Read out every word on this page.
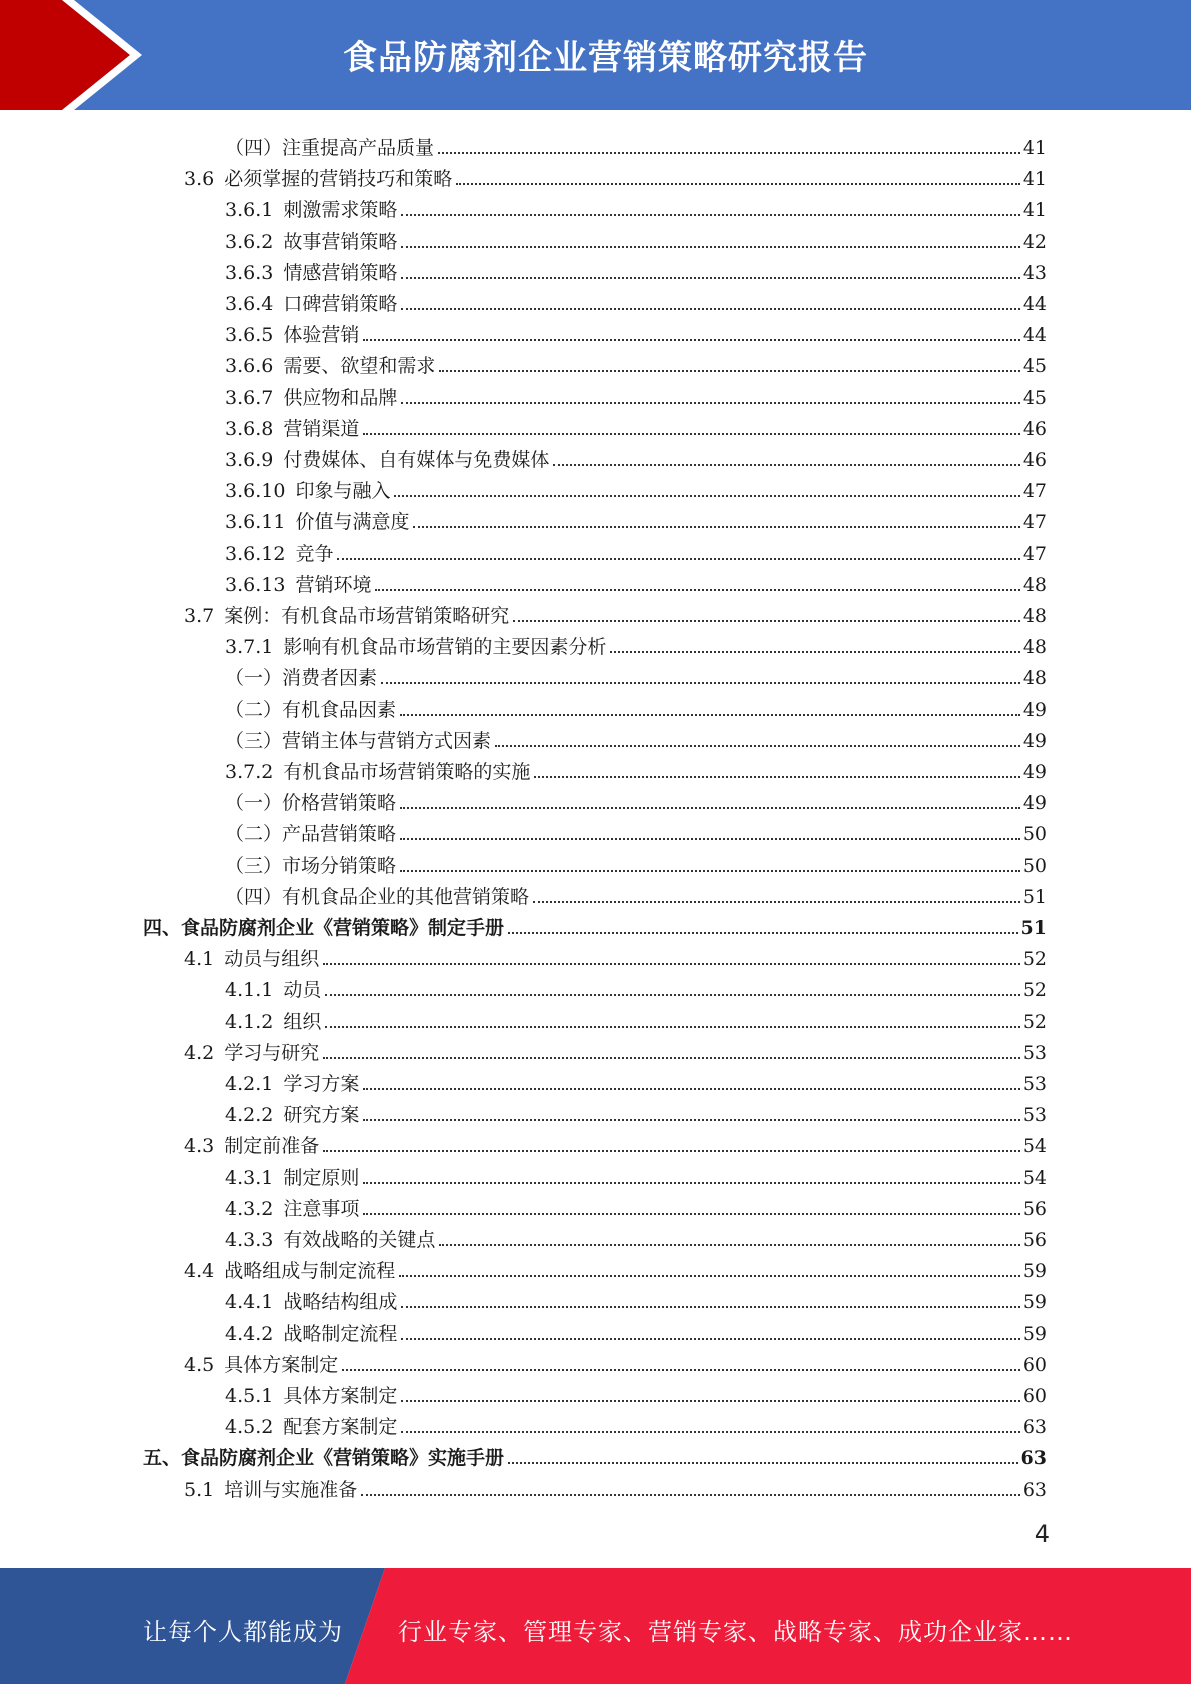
食品防腐剂企业营销策略研究报告
（四）注重提高产品质量	41
3.6 必须掌握的营销技巧和策略	41
3.6.1 刺激需求策略	41
3.6.2 故事营销策略	42
3.6.3 情感营销策略	43
3.6.4 口碑营销策略	44
3.6.5 体验营销	44
3.6.6 需要、欲望和需求	45
3.6.7 供应物和品牌	45
3.6.8 营销渠道	46
3.6.9 付费媒体、自有媒体与免费媒体	46
3.6.10 印象与融入	47
3.6.11 价值与满意度	47
3.6.12 竞争	47
3.6.13 营销环境	48
3.7 案例：有机食品市场营销策略研究	48
3.7.1 影响有机食品市场营销的主要因素分析	48
（一）消费者因素	48
（二）有机食品因素	49
（三）营销主体与营销方式因素	49
3.7.2 有机食品市场营销策略的实施	49
（一）价格营销策略	49
（二）产品营销策略	50
（三）市场分销策略	50
（四）有机食品企业的其他营销策略	51
四、食品防腐剂企业《营销策略》制定手册	51
4.1 动员与组织	52
4.1.1 动员	52
4.1.2 组织	52
4.2 学习与研究	53
4.2.1 学习方案	53
4.2.2 研究方案	53
4.3 制定前准备	54
4.3.1 制定原则	54
4.3.2 注意事项	56
4.3.3 有效战略的关键点	56
4.4 战略组成与制定流程	59
4.4.1 战略结构组成	59
4.4.2 战略制定流程	59
4.5 具体方案制定	60
4.5.1 具体方案制定	60
4.5.2 配套方案制定	63
五、食品防腐剂企业《营销策略》实施手册	63
5.1 培训与实施准备	63
4
让每个人都能成为 行业专家、管理专家、营销专家、战略专家、成功企业家……
